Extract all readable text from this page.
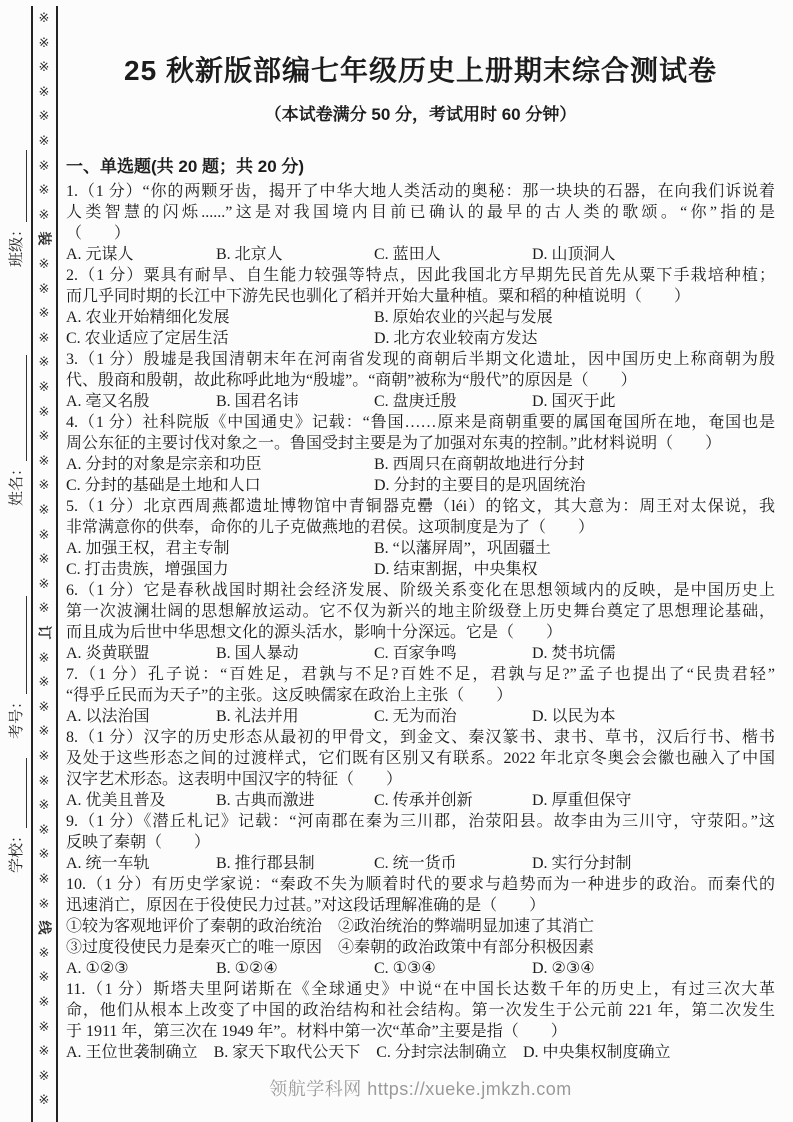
班级：
姓名：
考号：
学校：
※
※
※
※
※
※
※
※
※
装
※
※
※
※
※
※
※
※
※
※
※
※
※
※
※
订
※
※
※
※
※
※
※
※
※
※
※
线
※
※
※
※
※
※
※
25 秋新版部编七年级历史上册期末综合测试卷
（本试卷满分 50 分，考试用时 60 分钟）
一、单选题(共 20 题；共 20 分)
1.（1 分）“你的两颗牙齿，揭开了中华大地人类活动的奥秘：那一块块的石器，在向我们诉说着
人类智慧的闪烁......”这是对我国境内目前已确认的最早的古人类的歌颂。“你”指的是
（　　）
A. 元谋人	B. 北京人	C. 蓝田人	D. 山顶洞人
2.（1 分）粟具有耐旱、自生能力较强等特点，因此我国北方早期先民首先从粟下手栽培种植；
而几乎同时期的长江中下游先民也驯化了稻并开始大量种植。粟和稻的种植说明（　　）
A. 农业开始精细化发展	B. 原始农业的兴起与发展
C. 农业适应了定居生活	D. 北方农业较南方发达
3.（1 分）殷墟是我国清朝末年在河南省发现的商朝后半期文化遗址，因中国历史上称商朝为殷
代、殷商和殷朝，故此称呼此地为“殷墟”。“商朝”被称为“殷代”的原因是（　　）
A. 亳又名殷	B. 国君名讳	C. 盘庚迁殷	D. 国灭于此
4.（1 分）社科院版《中国通史》记载：“鲁国……原来是商朝重要的属国奄国所在地，奄国也是
周公东征的主要讨伐对象之一。鲁国受封主要是为了加强对东夷的控制。”此材料说明（　　）
A. 分封的对象是宗亲和功臣	B. 西周只在商朝故地进行分封
C. 分封的基础是土地和人口	D. 分封的主要目的是巩固统治
5.（1 分）北京西周燕都遗址博物馆中青铜器克罍（léi）的铭文，其大意为：周王对太保说，我
非常满意你的供奉，命你的儿子克做燕地的君侯。这项制度是为了（　　）
A. 加强王权，君主专制	B. “以藩屏周”，巩固疆土
C. 打击贵族，增强国力	D. 结束割据，中央集权
6.（1 分）它是春秋战国时期社会经济发展、阶级关系变化在思想领域内的反映，是中国历史上
第一次波澜壮阔的思想解放运动。它不仅为新兴的地主阶级登上历史舞台奠定了思想理论基础，
而且成为后世中华思想文化的源头活水，影响十分深远。它是（　　）
A. 炎黄联盟	B. 国人暴动	C. 百家争鸣	D. 焚书坑儒
7.（1 分）孔子说：“百姓足，君孰与不足?百姓不足，君孰与足?”孟子也提出了“民贵君轻”
“得乎丘民而为天子”的主张。这反映儒家在政治上主张（　　）
A. 以法治国	B. 礼法并用	C. 无为而治	D. 以民为本
8.（1 分）汉字的历史形态从最初的甲骨文，到金文、秦汉篆书、隶书、草书，汉后行书、楷书
及处于这些形态之间的过渡样式，它们既有区别又有联系。2022 年北京冬奥会会徽也融入了中国
汉字艺术形态。这表明中国汉字的特征（　　）
A. 优美且普及	B. 古典而激进	C. 传承并创新	D. 厚重但保守
9.（1 分）《潜丘札记》记载：“河南郡在秦为三川郡，治荥阳县。故李由为三川守，守荥阳。”这
反映了秦朝（　　）
A. 统一车轨	B. 推行郡县制	C. 统一货币	D. 实行分封制
10.（1 分）有历史学家说：“秦政不失为顺着时代的要求与趋势而为一种进步的政治。而秦代的
迅速消亡，原因在于役使民力过甚。”对这段话理解准确的是（　　）
①较为客观地评价了秦朝的政治统治　②政治统治的弊端明显加速了其消亡
③过度役使民力是秦灭亡的唯一原因　④秦朝的政治政策中有部分积极因素
A. ①②③	B. ①②④	C. ①③④	D. ②③④
11.（1 分）斯塔夫里阿诺斯在《全球通史》中说“在中国长达数千年的历史上，有过三次大革
命，他们从根本上改变了中国的政治结构和社会结构。第一次发生于公元前 221 年，第二次发生
于 1911 年，第三次在 1949 年”。材料中第一次“革命”主要是指（　　）
A. 王位世袭制确立 B. 家天下取代公天下 C. 分封宗法制确立 D. 中央集权制度确立
领航学科网 https://xueke.jmkzh.com
